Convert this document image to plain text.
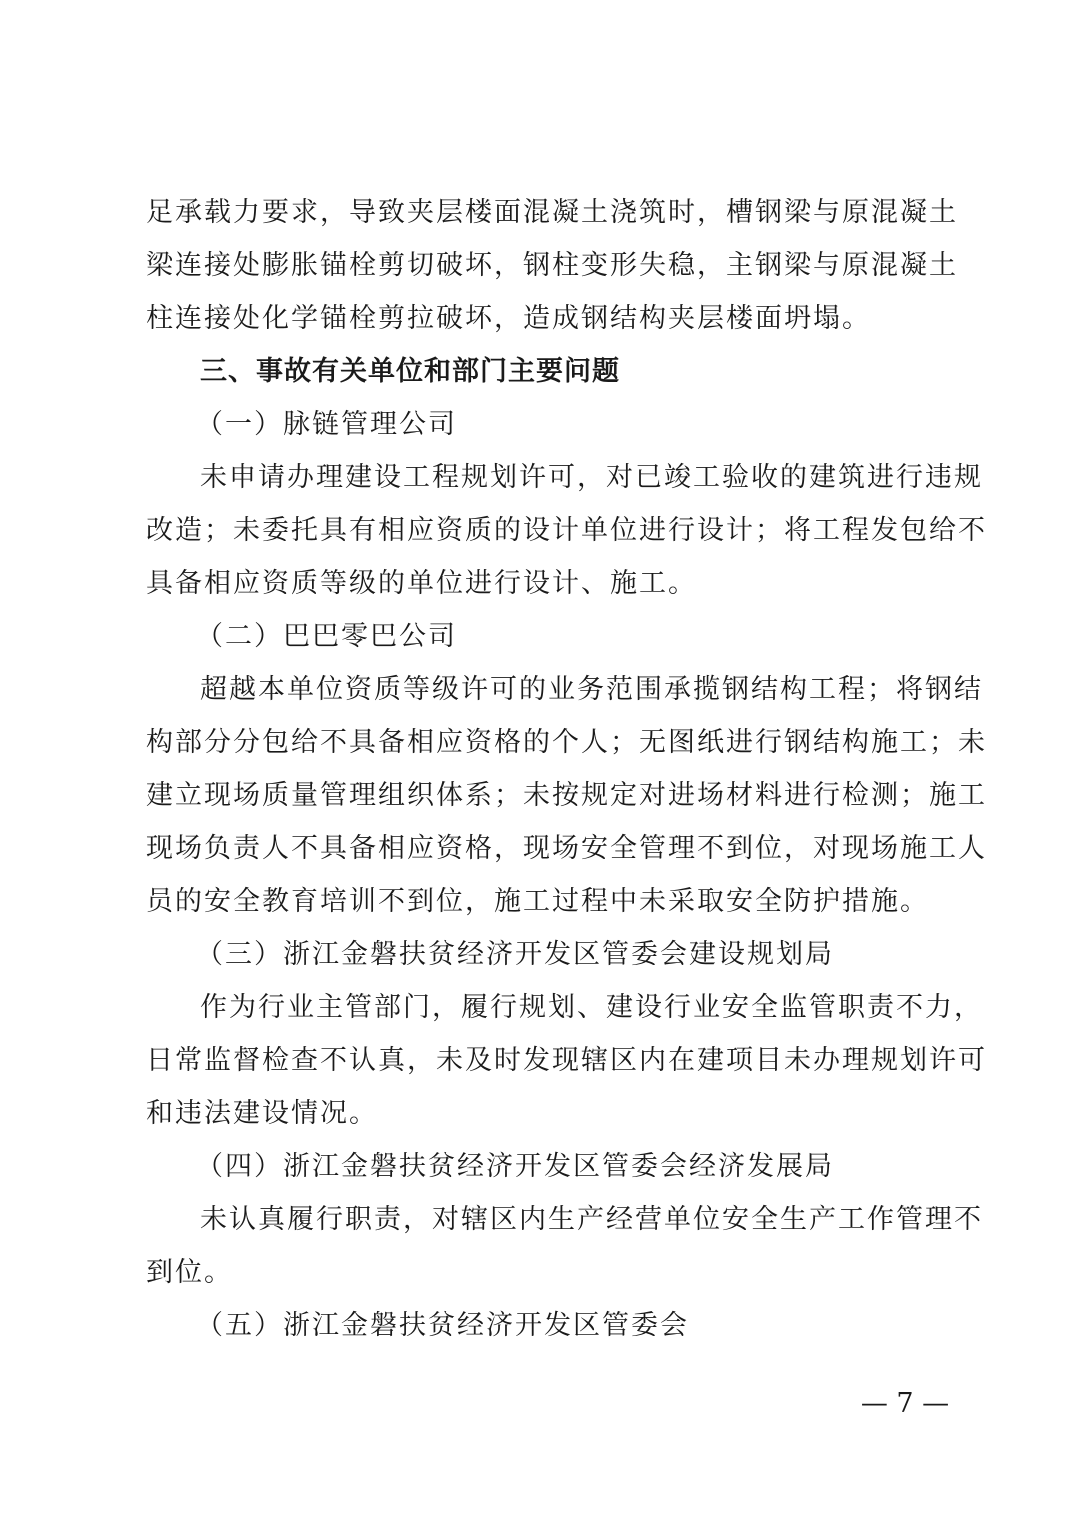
足承载力要求，导致夹层楼面混凝土浇筑时，槽钢梁与原混凝土
梁连接处膨胀锚栓剪切破坏，钢柱变形失稳，主钢梁与原混凝土
柱连接处化学锚栓剪拉破坏，造成钢结构夹层楼面坍塌。
三、事故有关单位和部门主要问题
（一）脉链管理公司
未申请办理建设工程规划许可，对已竣工验收的建筑进行违规
改造；未委托具有相应资质的设计单位进行设计；将工程发包给不
具备相应资质等级的单位进行设计、施工。
（二）巴巴零巴公司
超越本单位资质等级许可的业务范围承揽钢结构工程；将钢结
构部分分包给不具备相应资格的个人；无图纸进行钢结构施工；未
建立现场质量管理组织体系；未按规定对进场材料进行检测；施工
现场负责人不具备相应资格，现场安全管理不到位，对现场施工人
员的安全教育培训不到位，施工过程中未采取安全防护措施。
（三）浙江金磐扶贫经济开发区管委会建设规划局
作为行业主管部门，履行规划、建设行业安全监管职责不力，
日常监督检查不认真，未及时发现辖区内在建项目未办理规划许可
和违法建设情况。
（四）浙江金磐扶贫经济开发区管委会经济发展局
未认真履行职责，对辖区内生产经营单位安全生产工作管理不
到位。
（五）浙江金磐扶贫经济开发区管委会
— 7 —
